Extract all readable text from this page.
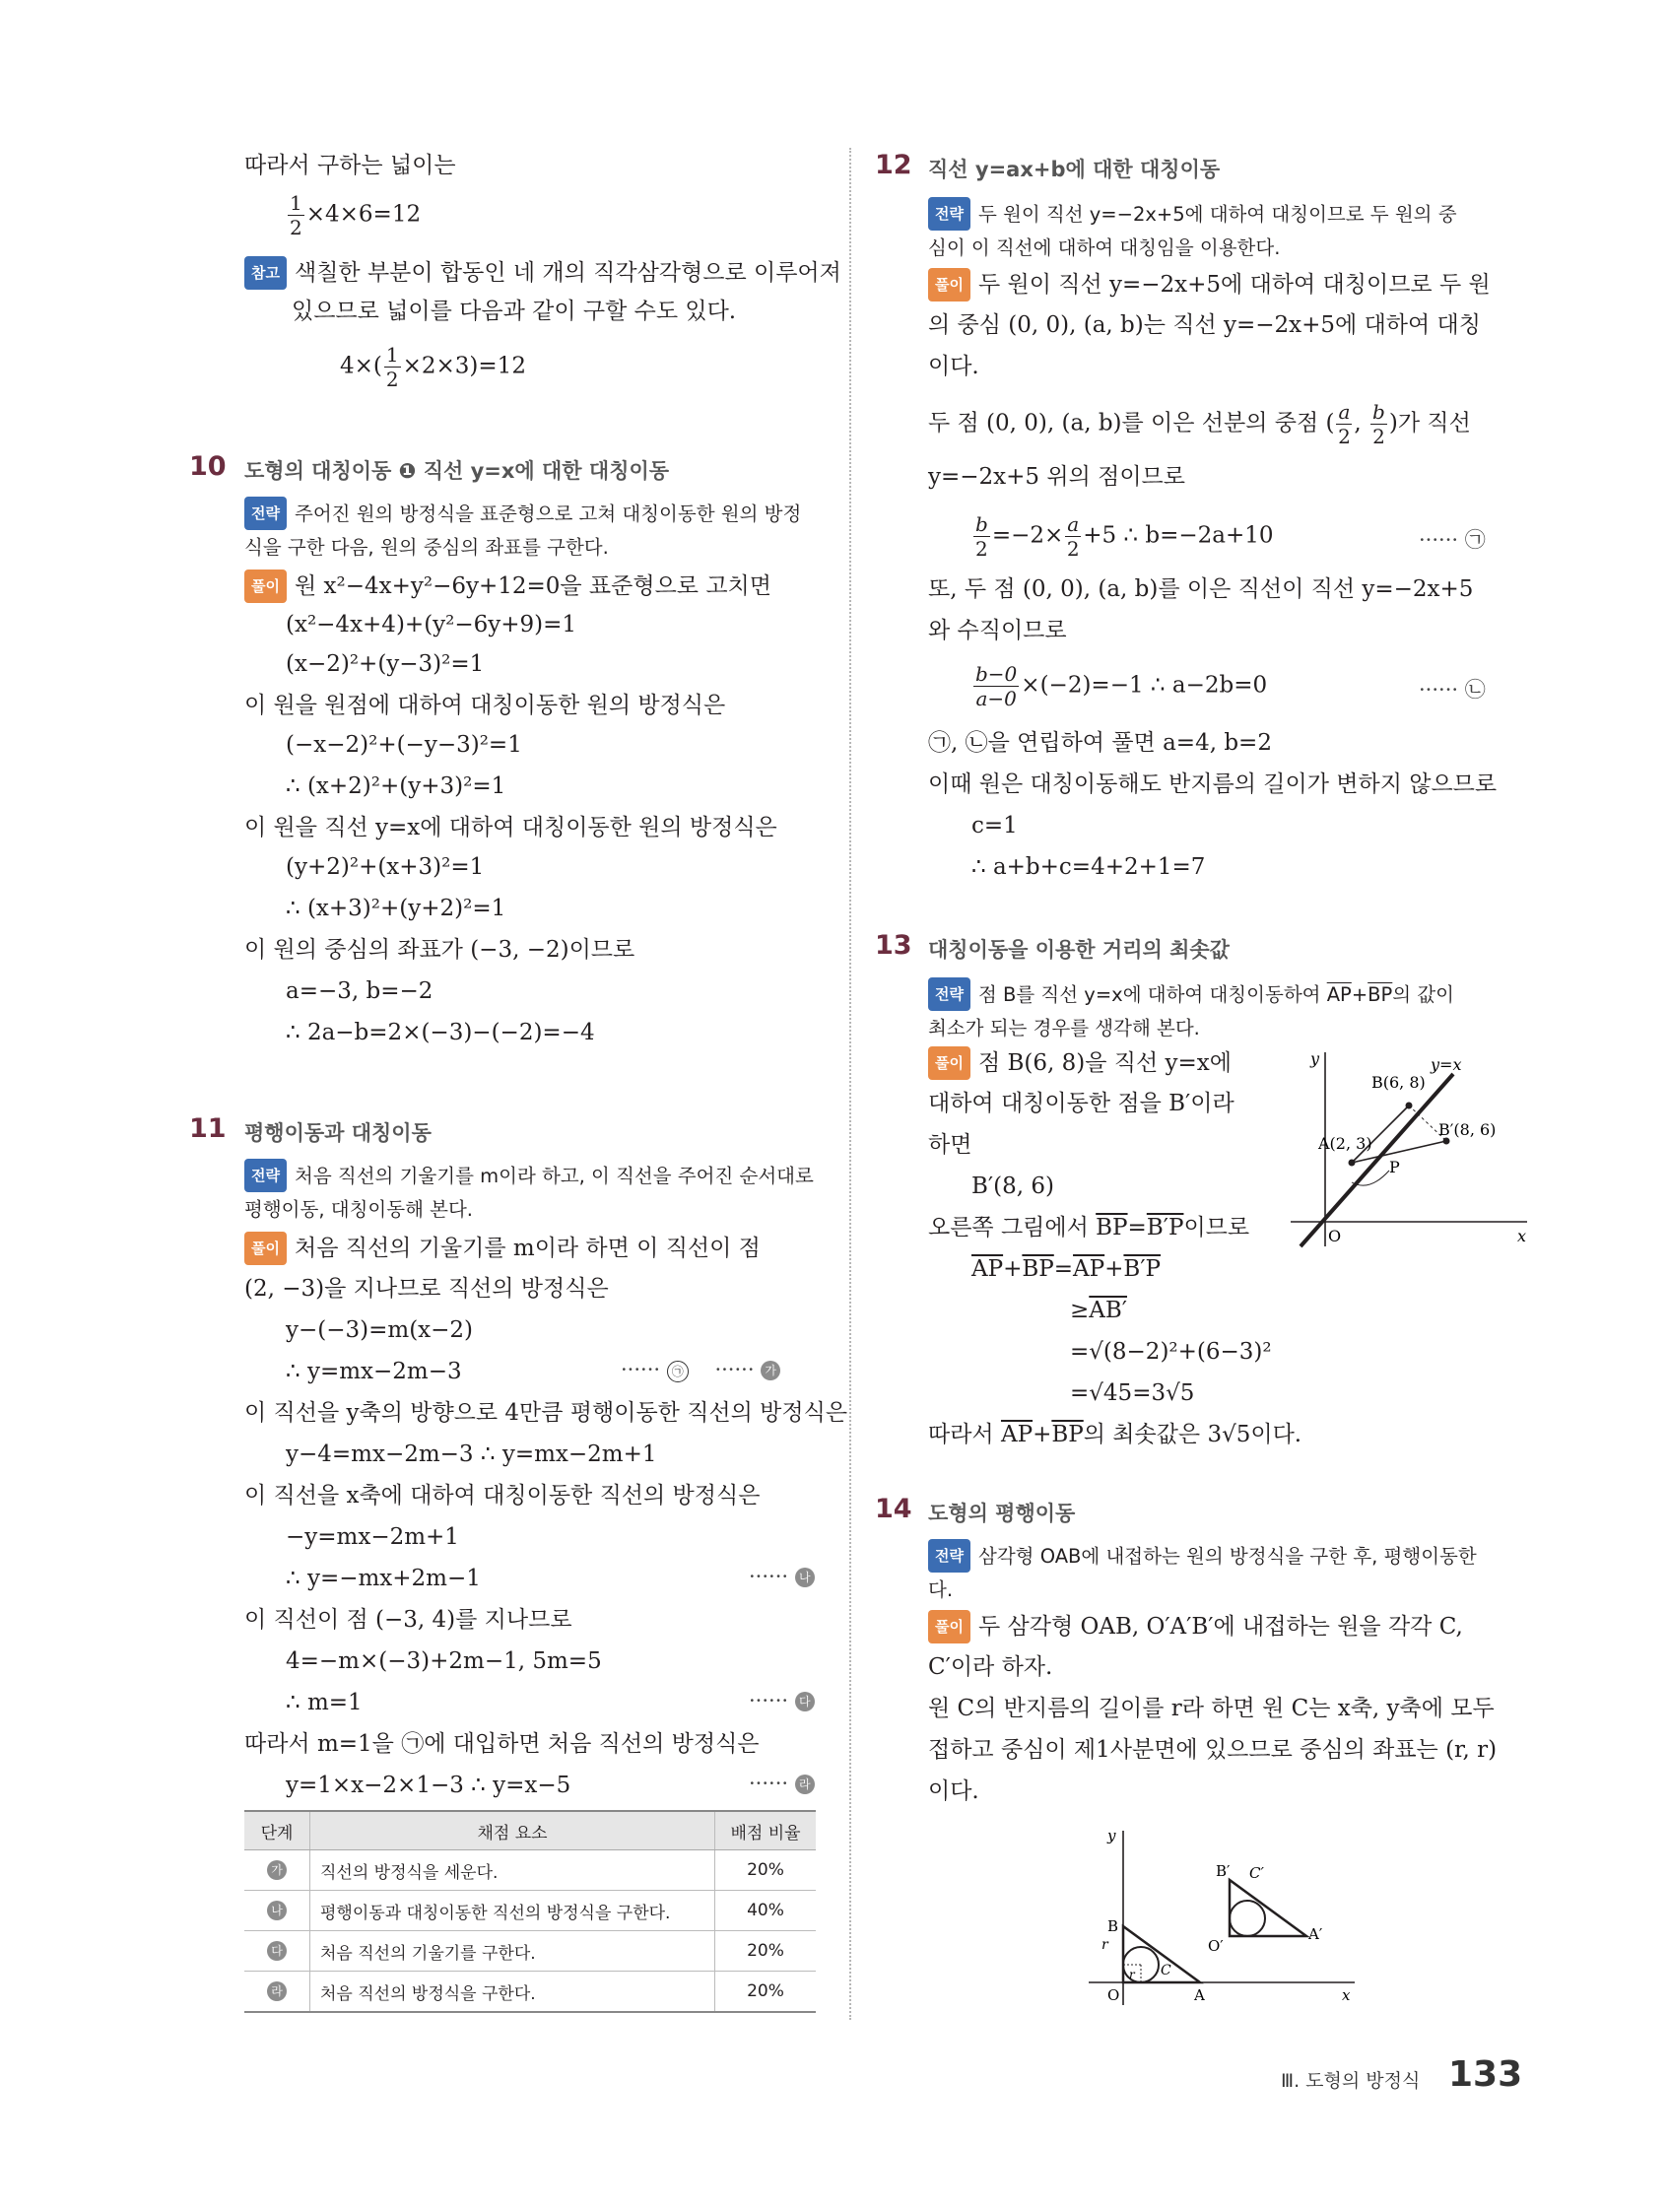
따라서 구하는 넓이는
$\frac{1}{2} \times 4\times 6=12$
참고 색칠한 부분이 합동인 네 개의 직각삼각형으로 이루어져
있으므로 넓이를 다음과 같이 구할 수도 있다.
$4\times( \frac{1}{2} \times 2\times 3)=12$
10 도형의 대칭이동 ❶ 직선 y=x에 대한 대칭이동
전략 주어진 원의 방정식을 표준형으로 고쳐 대칭이동한 원의 방정
식을 구한 다음, 원의 중심의 좌표를 구한다.
풀이 원 x²−4x+y²−6y+12=0을 표준형으로 고치면
(x²−4x+4)+(y²−6y+9)=1
(x−2)²+(y−3)²=1
이 원을 원점에 대하여 대칭이동한 원의 방정식은
(−x−2)²+(−y−3)²=1
∴ (x+2)²+(y+3)²=1
이 원을 직선 y=x에 대하여 대칭이동한 원의 방정식은
(y+2)²+(x+3)²=1
∴ (x+3)²+(y+2)²=1
이 원의 중심의 좌표가 (−3, −2)이므로
a=−3, b=−2
∴ 2a−b=2×(−3)−(−2)=−4
11 평행이동과 대칭이동
전략 처음 직선의 기울기를 m이라 하고, 이 직선을 주어진 순서대로
평행이동, 대칭이동해 본다.
풀이 처음 직선의 기울기를 m이라 하면 이 직선이 점
(2, −3)을 지나므로 직선의 방정식은
y−(−3)=m(x−2)
∴ y=mx−2m−3	······ ㉠ ······ 가
이 직선을 y축의 방향으로 4만큼 평행이동한 직선의 방정식은
y−4=mx−2m−3 ∴ y=mx−2m+1
이 직선을 x축에 대하여 대칭이동한 직선의 방정식은
−y=mx−2m+1
∴ y=−mx+2m−1	······ 나
이 직선이 점 (−3, 4)를 지나므로
4=−m×(−3)+2m−1, 5m=5
∴ m=1	······ 다
따라서 m=1을 ㉠에 대입하면 처음 직선의 방정식은
y=1×x−2×1−3 ∴ y=x−5	······ 라
단계	채점 요소	배점 비율
가	직선의 방정식을 세운다.	20%
나	평행이동과 대칭이동한 직선의 방정식을 구한다.	40%
다	처음 직선의 기울기를 구한다.	20%
라	처음 직선의 방정식을 구한다.	20%
12 직선 y=ax+b에 대한 대칭이동
전략 두 원이 직선 y=−2x+5에 대하여 대칭이므로 두 원의 중
심이 이 직선에 대하여 대칭임을 이용한다.
풀이 두 원이 직선 y=−2x+5에 대하여 대칭이므로 두 원
의 중심 (0, 0), (a, b)는 직선 y=−2x+5에 대하여 대칭
이다.
두 점 (0, 0), (a, b)를 이은 선분의 중점 ( $\frac{a}{2}$ , $\frac{b}{2}$ )가 직선
y=−2x+5 위의 점이므로
$\frac{b}{2} =-2\times \frac{a}{2} +5$ ∴ b=−2a+10	······ ㉠
또, 두 점 (0, 0), (a, b)를 이은 직선이 직선 y=−2x+5
와 수직이므로
$\frac{b-0}{a-0} \times(-2)=-1$ ∴ a−2b=0	······ ㉡
㉠, ㉡을 연립하여 풀면 a=4, b=2
이때 원은 대칭이동해도 반지름의 길이가 변하지 않으므로
c=1
∴ a+b+c=4+2+1=7
13 대칭이동을 이용한 거리의 최솟값
전략 점 B를 직선 y=x에 대하여 대칭이동하여 $\overline{AP}+\overline{BP}$의 값이
최소가 되는 경우를 생각해 본다.
풀이 점 B(6, 8)을 직선 y=x에
대하여 대칭이동한 점을 B′이라
하면
B′(8, 6)
오른쪽 그림에서 $\overline{BP}=B'P$이므로
$\overline{AP}+\overline{BP}=\overline{AP}+B'P$
≥AB′
=√(8−2)²+(6−3)²
=√45=3√5
따라서 $\overline{AP}+\overline{BP}$의 최솟값은 3√5이다.
y
x
O
B(6, 8)
y=x
A(2, 3)
B′(8, 6)
P
14 도형의 평행이동
전략 삼각형 OAB에 내접하는 원의 방정식을 구한 후, 평행이동한
다.
풀이 두 삼각형 OAB, O′A′B′에 내접하는 원을 각각 C,
C′이라 하자.
원 C의 반지름의 길이를 r라 하면 원 C는 x축, y축에 모두
접하고 중심이 제1사분면에 있으므로 중심의 좌표는 (r, r)
이다.
y
x
O	A
B
r
r C
O′
A′
B′ C′
Ⅲ. 도형의 방정식 133
